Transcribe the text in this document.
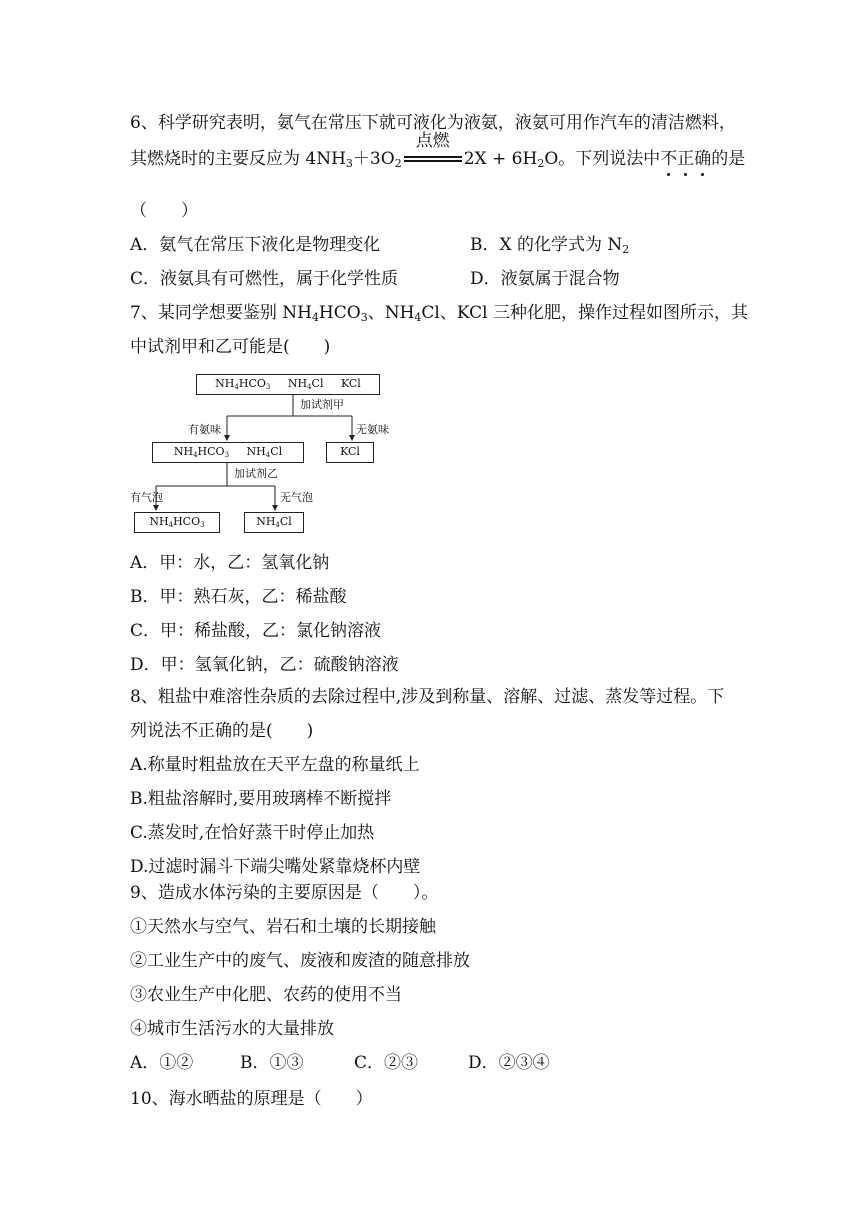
6、科学研究表明，氨气在常压下就可液化为液氨，液氨可用作汽车的清洁燃料，
其燃烧时的主要反应为 $4NH_3+3O_2$
点燃
$2X + 6H_2O$。下列说法中不正确的是
（　　）
A．氨气在常压下液化是物理变化	B．X 的化学式为 $N_2$
C．液氨具有可燃性，属于化学性质	D．液氨属于混合物
7、某同学想要鉴别 $NH_4HCO_3$、$NH_4Cl$、KCl 三种化肥，操作过程如图所示，其
中试剂甲和乙可能是(　　)
$NH_4HCO_3$ $NH_4Cl$ KCl
加试剂甲
有氨味	无氨味
$NH_4HCO_3$ $NH_4Cl$	KCl
加试剂乙
有气泡	无气泡
$NH_4HCO_3$	$NH_4Cl$
A．甲：水，乙：氢氧化钠
B．甲：熟石灰，乙：稀盐酸
C．甲：稀盐酸，乙：氯化钠溶液
D．甲：氢氧化钠，乙：硫酸钠溶液
8、粗盐中难溶性杂质的去除过程中,涉及到称量、溶解、过滤、蒸发等过程。下
列说法不正确的是(　　)
A.称量时粗盐放在天平左盘的称量纸上
B.粗盐溶解时,要用玻璃棒不断搅拌
C.蒸发时,在恰好蒸干时停止加热
D.过滤时漏斗下端尖嘴处紧靠烧杯内壁
9、造成水体污染的主要原因是（　　）。
①天然水与空气、岩石和土壤的长期接触
②工业生产中的废气、废液和废渣的随意排放
③农业生产中化肥、农药的使用不当
④城市生活污水的大量排放
A．①②	B．①③	C．②③	D．②③④
10、海水晒盐的原理是（　　）
